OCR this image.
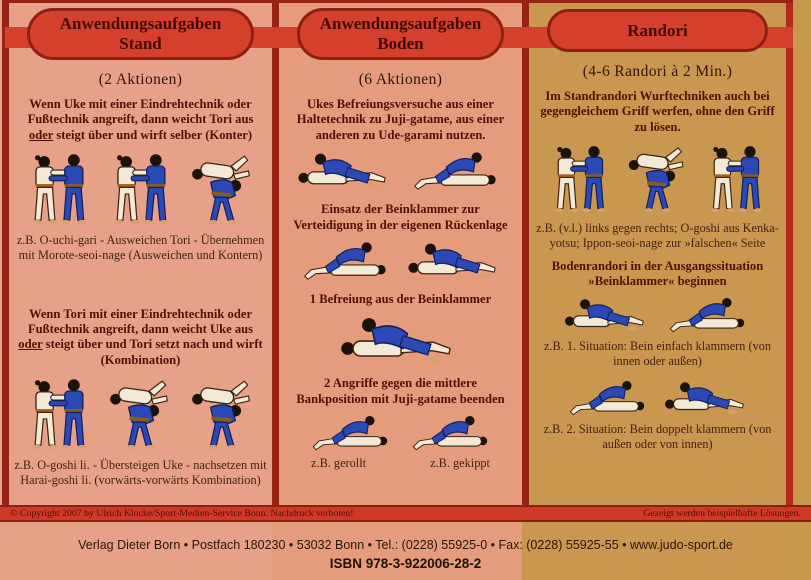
Anwendungsaufgaben
Stand
(2 Aktionen)

Wenn Uke mit einer Eindrehtechnik oder Fußtechnik angreift, dann weicht Tori aus oder steigt über und wirft selber (Konter)

z.B. O-uchi-gari - Ausweichen Tori - Übernehmen mit Morote-seoi-nage (Ausweichen und Kontern)

Wenn Tori mit einer Eindrehtechnik oder Fußtechnik angreift, dann weicht Uke aus oder steigt über und Tori setzt nach und wirft (Kombination)

z.B. O-goshi li. - Übersteigen Uke - nachsetzen mit Harai-goshi li. (vorwärts-vorwärts Kombination)
Anwendungsaufgaben
Boden
(6 Aktionen)

Ukes Befreiungsversuche aus einer Haltetechnik zu Juji-gatame, aus einer anderen zu Ude-garami nutzen.

Einsatz der Beinklammer zur Verteidigung in der eigenen Rückenlage

1 Befreiung aus der Beinklammer

2 Angriffe gegen die mittlere Bankposition mit Juji-gatame beenden

z.B. gerollt	z.B. gekippt
Randori
(4-6 Randori à 2 Min.)

Im Standrandori Wurftechniken auch bei gegengleichem Griff werfen, ohne den Griff zu lösen.

z.B. (v.l.) links gegen rechts; O-goshi aus Kenka-yotsu; Ippon-seoi-nage zur »falschen« Seite

Bodenrandori in der Ausgangssituation »Beinklammer« beginnen

z.B. 1. Situation: Bein einfach klammern (von innen oder außen)
z.B. 2. Situation: Bein doppelt klammern (von außen oder von innen)
© Copyright 2007 by Ulrich Klocke/Sport-Medien-Service Bonn. Nachdruck verboten!	Gezeigt werden beispielhafte Lösungen.
Verlag Dieter Born • Postfach 180230 • 53032 Bonn • Tel.: (0228) 55925-0 • Fax: (0228) 55925-55 • www.judo-sport.de
ISBN 978-3-922006-28-2
